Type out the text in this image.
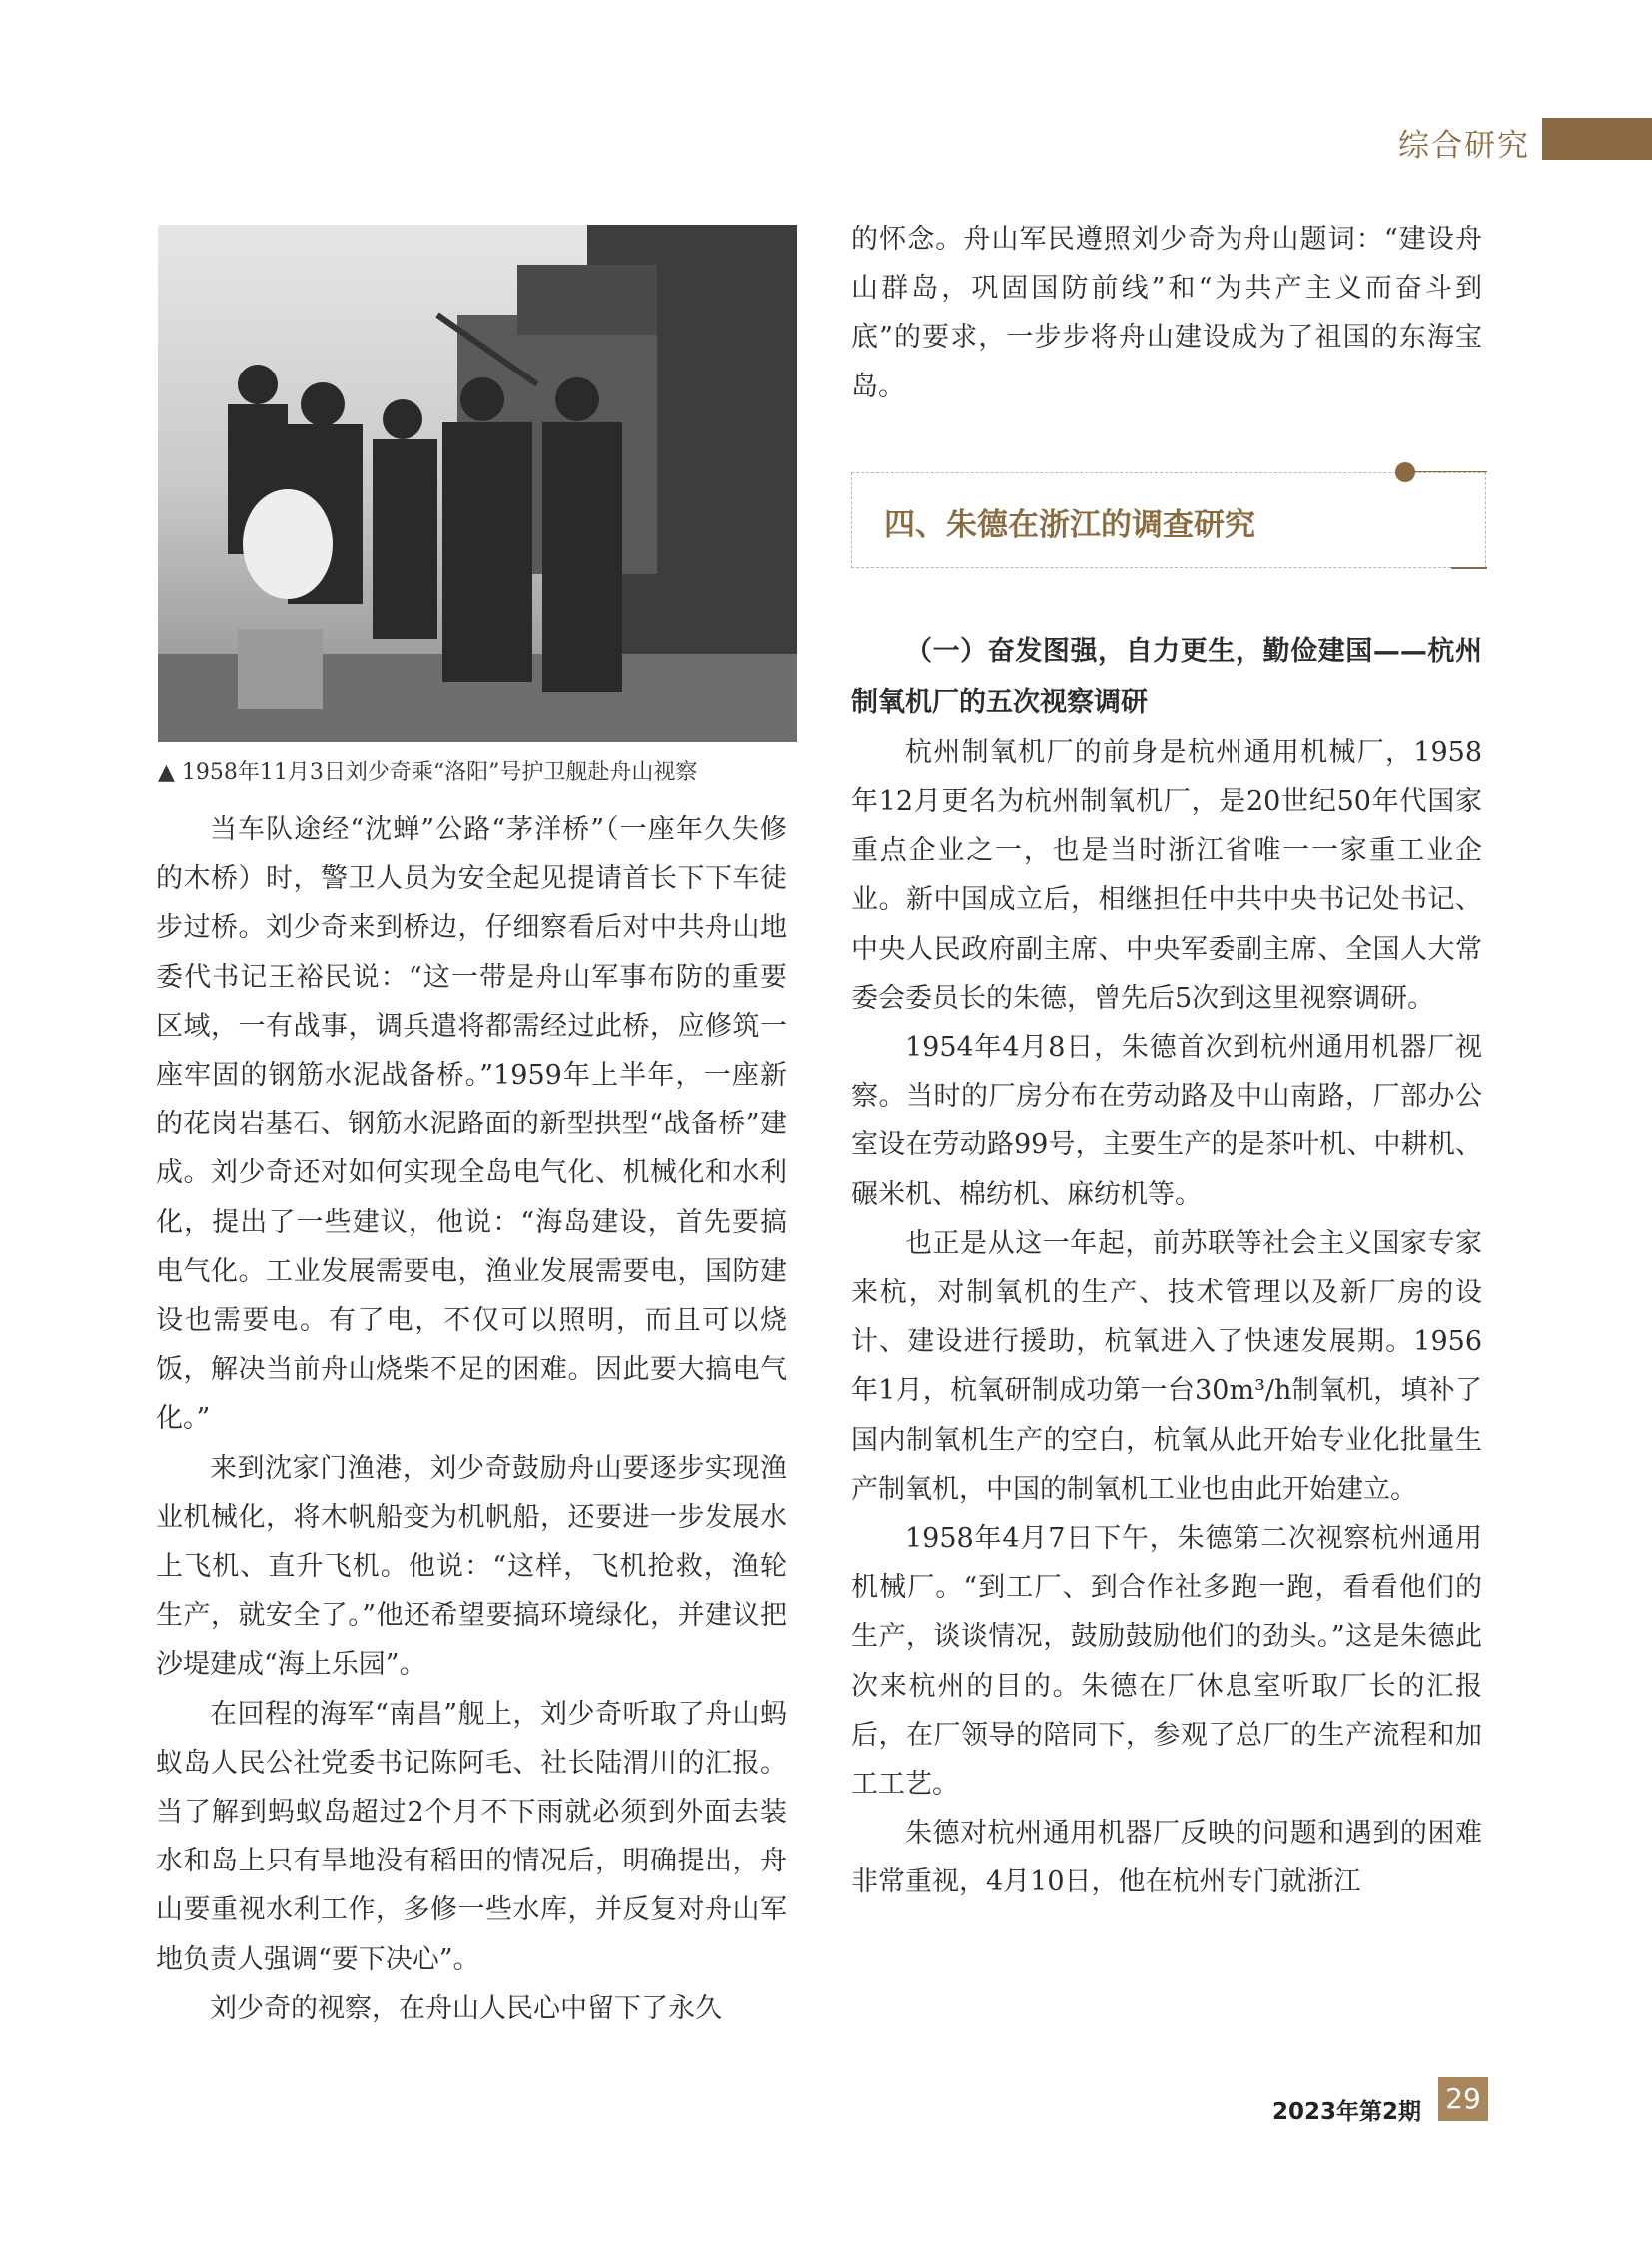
综合研究
▲ 1958年11月3日刘少奇乘“洛阳”号护卫舰赴舟山视察

当车队途经“沈蝉”公路“茅洋桥”（一座年久失修的木桥）时，警卫人员为安全起见提请首长下下车徒步过桥。刘少奇来到桥边，仔细察看后对中共舟山地委代书记王裕民说：“这一带是舟山军事布防的重要区域，一有战事，调兵遣将都需经过此桥，应修筑一座牢固的钢筋水泥战备桥。”1959年上半年，一座新的花岗岩基石、钢筋水泥路面的新型拱型“战备桥”建成。刘少奇还对如何实现全岛电气化、机械化和水利化，提出了一些建议，他说：“海岛建设，首先要搞电气化。工业发展需要电，渔业发展需要电，国防建设也需要电。有了电，不仅可以照明，而且可以烧饭，解决当前舟山烧柴不足的困难。因此要大搞电气化。”

来到沈家门渔港，刘少奇鼓励舟山要逐步实现渔业机械化，将木帆船变为机帆船，还要进一步发展水上飞机、直升飞机。他说：“这样，飞机抢救，渔轮生产，就安全了。”他还希望要搞环境绿化，并建议把沙堤建成“海上乐园”。

在回程的海军“南昌”舰上，刘少奇听取了舟山蚂蚁岛人民公社党委书记陈阿毛、社长陆渭川的汇报。当了解到蚂蚁岛超过2个月不下雨就必须到外面去装水和岛上只有旱地没有稻田的情况后，明确提出，舟山要重视水利工作，多修一些水库，并反复对舟山军地负责人强调“要下决心”。

刘少奇的视察，在舟山人民心中留下了永久

的怀念。舟山军民遵照刘少奇为舟山题词：“建设舟山群岛，巩固国防前线”和“为共产主义而奋斗到底”的要求，一步步将舟山建设成为了祖国的东海宝岛。

四、朱德在浙江的调查研究

（一）奋发图强，自力更生，勤俭建国——杭州制氧机厂的五次视察调研

杭州制氧机厂的前身是杭州通用机械厂，1958年12月更名为杭州制氧机厂，是20世纪50年代国家重点企业之一，也是当时浙江省唯一一家重工业企业。新中国成立后，相继担任中共中央书记处书记、中央人民政府副主席、中央军委副主席、全国人大常委会委员长的朱德，曾先后5次到这里视察调研。

1954年4月8日，朱德首次到杭州通用机器厂视察。当时的厂房分布在劳动路及中山南路，厂部办公室设在劳动路99号，主要生产的是茶叶机、中耕机、碾米机、棉纺机、麻纺机等。

也正是从这一年起，前苏联等社会主义国家专家来杭，对制氧机的生产、技术管理以及新厂房的设计、建设进行援助，杭氧进入了快速发展期。1956年1月，杭氧研制成功第一台30m³/h制氧机，填补了国内制氧机生产的空白，杭氧从此开始专业化批量生产制氧机，中国的制氧机工业也由此开始建立。

1958年4月7日下午，朱德第二次视察杭州通用机械厂。“到工厂、到合作社多跑一跑，看看他们的生产，谈谈情况，鼓励鼓励他们的劲头。”这是朱德此次来杭州的目的。朱德在厂休息室听取厂长的汇报后，在厂领导的陪同下，参观了总厂的生产流程和加工工艺。

朱德对杭州通用机器厂反映的问题和遇到的困难非常重视，4月10日，他在杭州专门就浙江

2023年第2期 29
